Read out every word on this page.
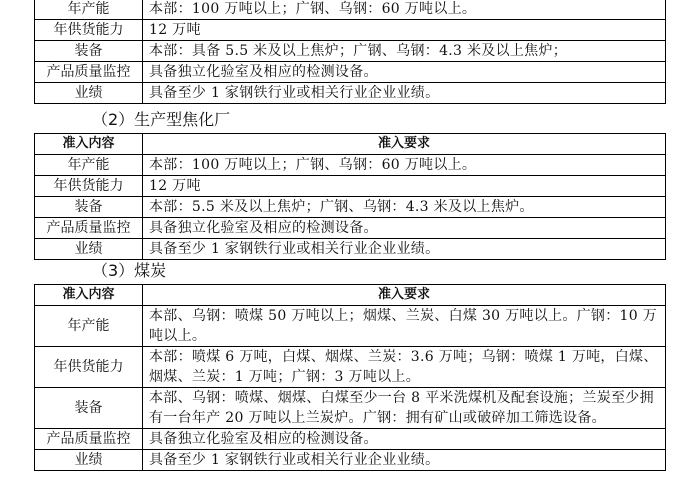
年产能	本部：100 万吨以上；广钢、乌钢：60 万吨以上。
年供货能力	12 万吨
装备	本部：具备 5.5 米及以上焦炉；广钢、乌钢：4.3 米及以上焦炉；
产品质量监控	具备独立化验室及相应的检测设备。
业绩	具备至少 1 家钢铁行业或相关行业企业业绩。
（2）生产型焦化厂
准入内容	准入要求
年产能	本部：100 万吨以上；广钢、乌钢：60 万吨以上。
年供货能力	12 万吨
装备	本部：5.5 米及以上焦炉；广钢、乌钢：4.3 米及以上焦炉。
产品质量监控	具备独立化验室及相应的检测设备。
业绩	具备至少 1 家钢铁行业或相关行业企业业绩。
（3）煤炭
准入内容	准入要求
年产能	本部、乌钢：喷煤 50 万吨以上；烟煤、兰炭、白煤 30 万吨以上。广钢：10 万吨以上。
年供货能力	本部：喷煤 6 万吨，白煤、烟煤、兰炭：3.6 万吨；乌钢：喷煤 1 万吨，白煤、烟煤、兰炭：1 万吨；广钢：3 万吨以上。
装备	本部、乌钢：喷煤、烟煤、白煤至少一台 8 平米洗煤机及配套设施；兰炭至少拥有一台年产 20 万吨以上兰炭炉。广钢：拥有矿山或破碎加工筛选设备。
产品质量监控	具备独立化验室及相应的检测设备。
业绩	具备至少 1 家钢铁行业或相关行业企业业绩。
